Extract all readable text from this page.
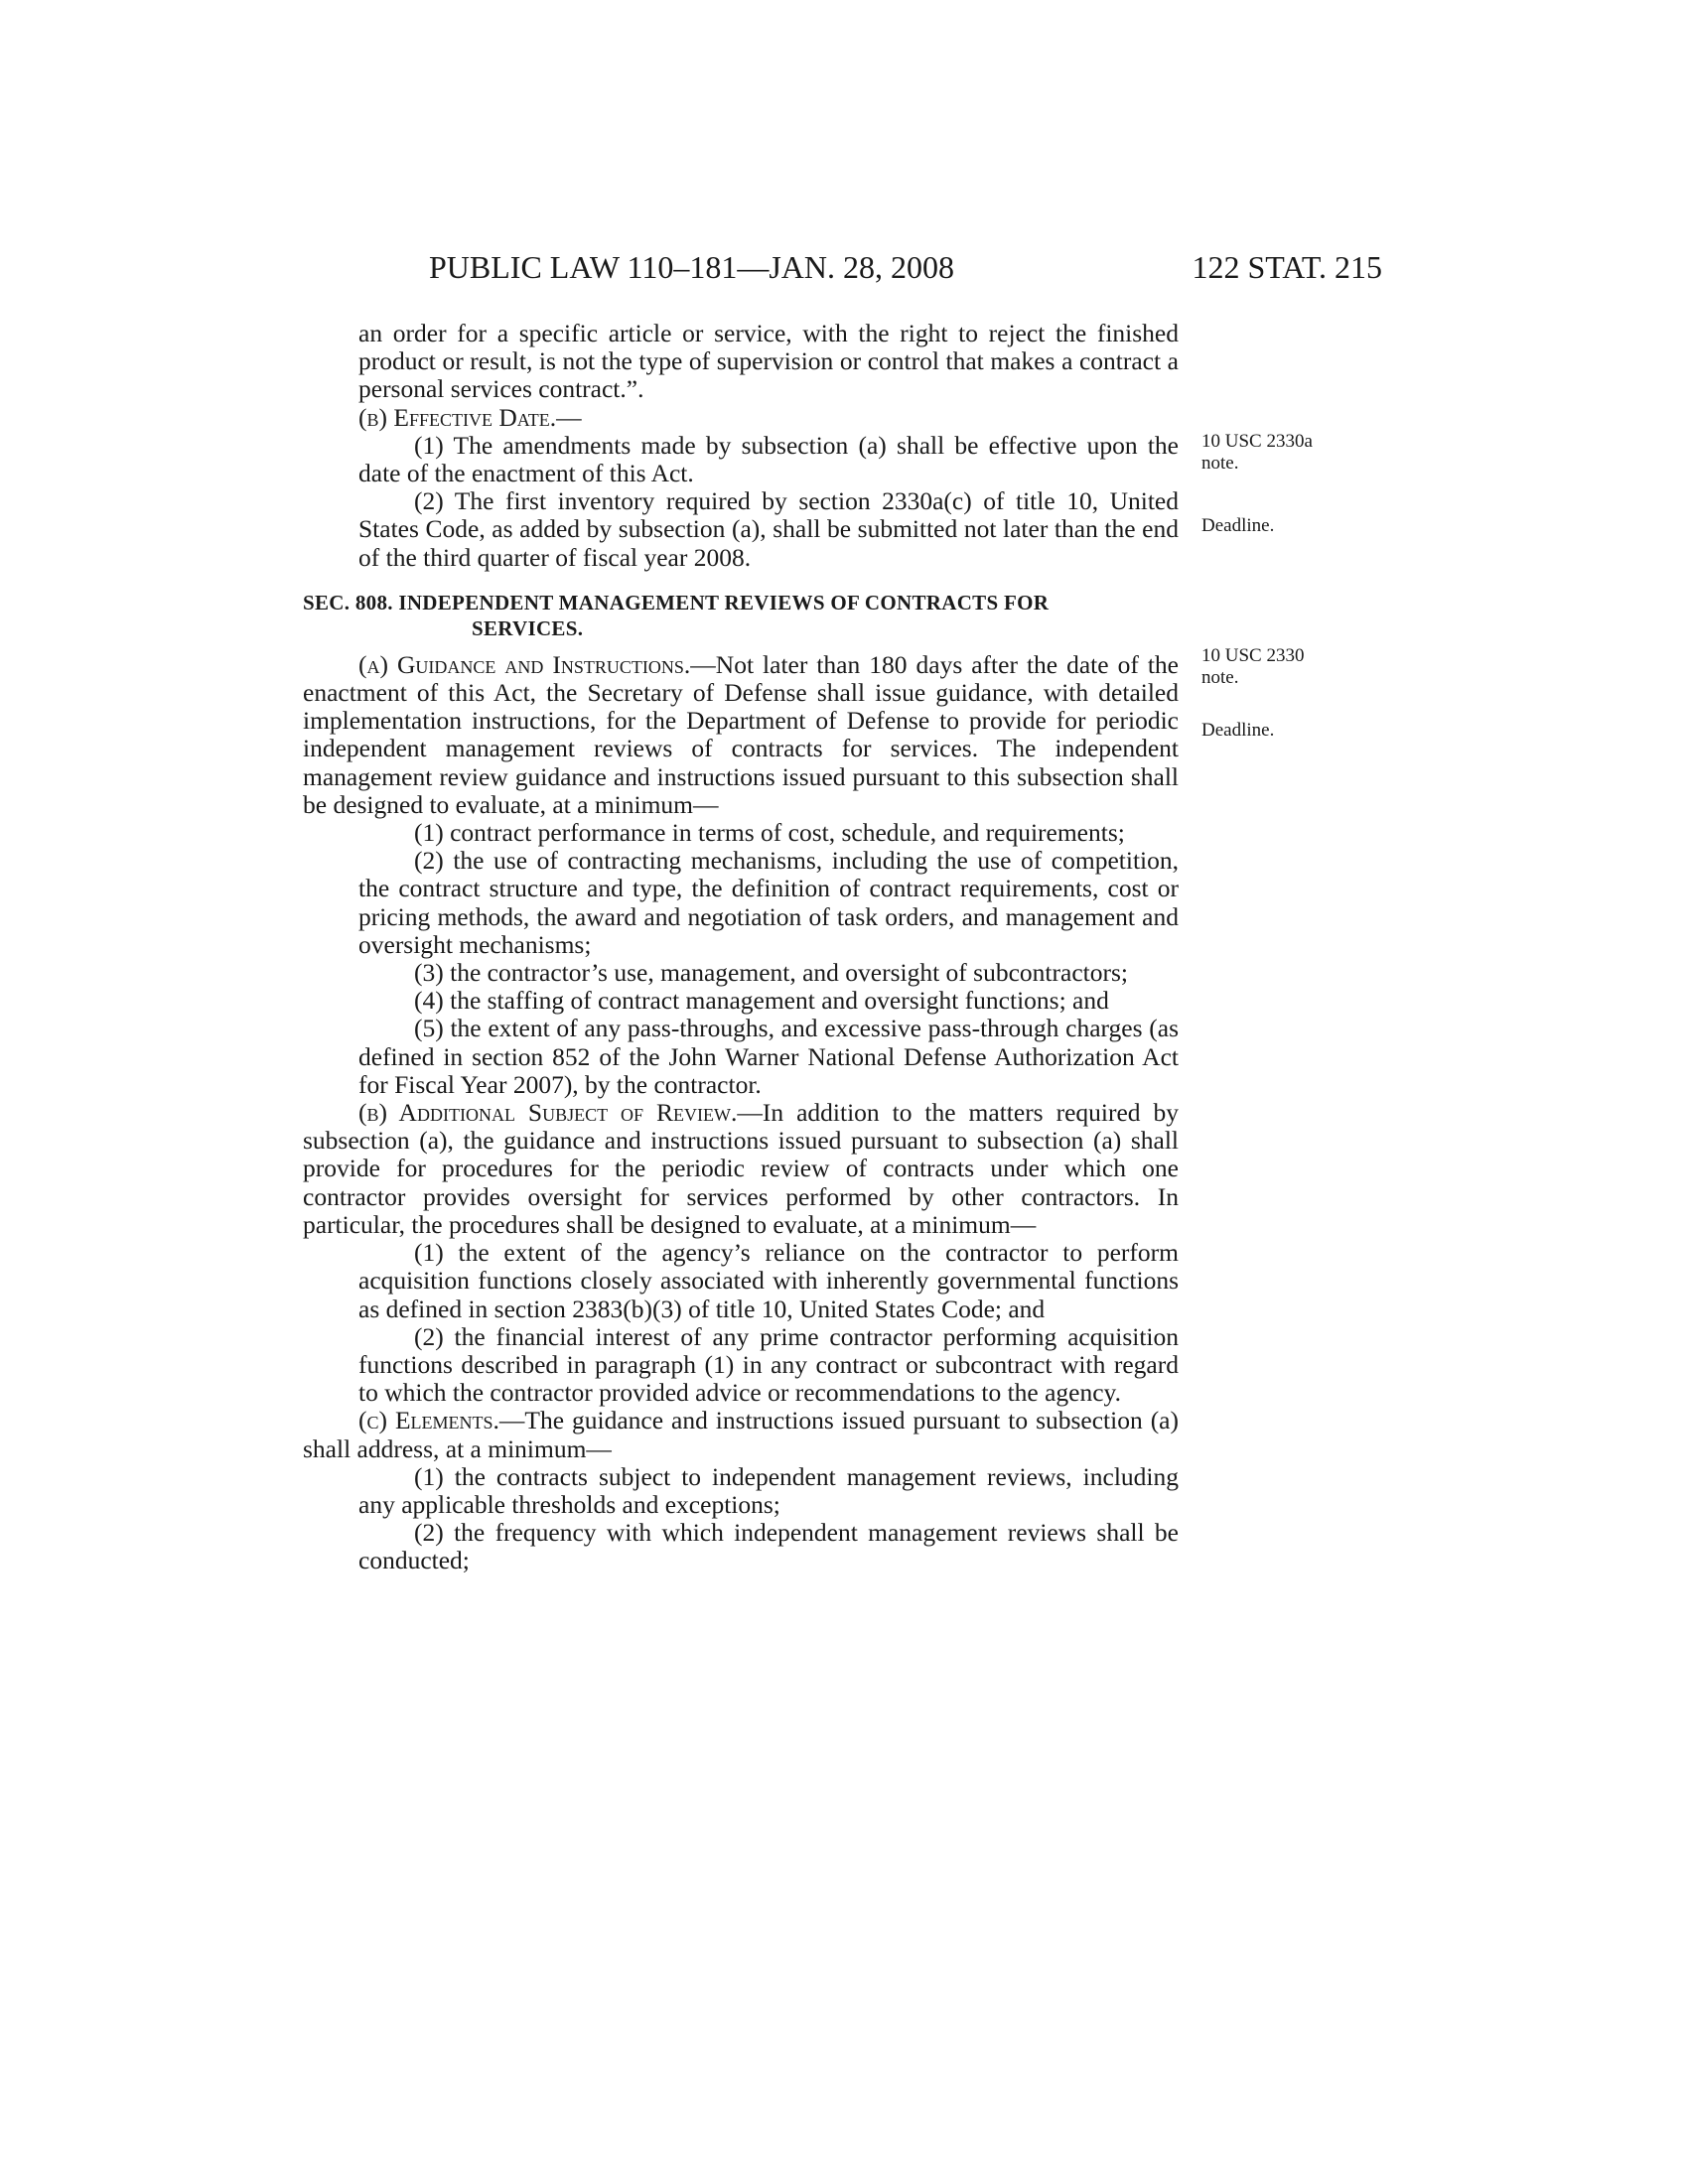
PUBLIC LAW 110–181—JAN. 28, 2008	122 STAT. 215
10 USC 2330a
note.
Deadline.
10 USC 2330
note.
Deadline.

an order for a specific article or service, with the right to reject the finished product or result, is not the type of supervision or control that makes a contract a personal services contract.”.

(b) Effective Date.—

(1) The amendments made by subsection (a) shall be effective upon the date of the enactment of this Act.

(2) The first inventory required by section 2330a(c) of title 10, United States Code, as added by subsection (a), shall be submitted not later than the end of the third quarter of fiscal year 2008.

SEC. 808. INDEPENDENT MANAGEMENT REVIEWS OF CONTRACTS FOR
SERVICES.

(a) Guidance and Instructions.—Not later than 180 days after the date of the enactment of this Act, the Secretary of Defense shall issue guidance, with detailed implementation instructions, for the Department of Defense to provide for periodic independent management reviews of contracts for services. The independent management review guidance and instructions issued pursuant to this subsection shall be designed to evaluate, at a minimum—

(1) contract performance in terms of cost, schedule, and requirements;

(2) the use of contracting mechanisms, including the use of competition, the contract structure and type, the definition of contract requirements, cost or pricing methods, the award and negotiation of task orders, and management and oversight mechanisms;

(3) the contractor’s use, management, and oversight of subcontractors;

(4) the staffing of contract management and oversight functions; and

(5) the extent of any pass-throughs, and excessive pass-through charges (as defined in section 852 of the John Warner National Defense Authorization Act for Fiscal Year 2007), by the contractor.

(b) Additional Subject of Review.—In addition to the matters required by subsection (a), the guidance and instructions issued pursuant to subsection (a) shall provide for procedures for the periodic review of contracts under which one contractor provides oversight for services performed by other contractors. In particular, the procedures shall be designed to evaluate, at a minimum—

(1) the extent of the agency’s reliance on the contractor to perform acquisition functions closely associated with inherently governmental functions as defined in section 2383(b)(3) of title 10, United States Code; and

(2) the financial interest of any prime contractor performing acquisition functions described in paragraph (1) in any contract or subcontract with regard to which the contractor provided advice or recommendations to the agency.

(c) Elements.—The guidance and instructions issued pursuant to subsection (a) shall address, at a minimum—

(1) the contracts subject to independent management reviews, including any applicable thresholds and exceptions;

(2) the frequency with which independent management reviews shall be conducted;
